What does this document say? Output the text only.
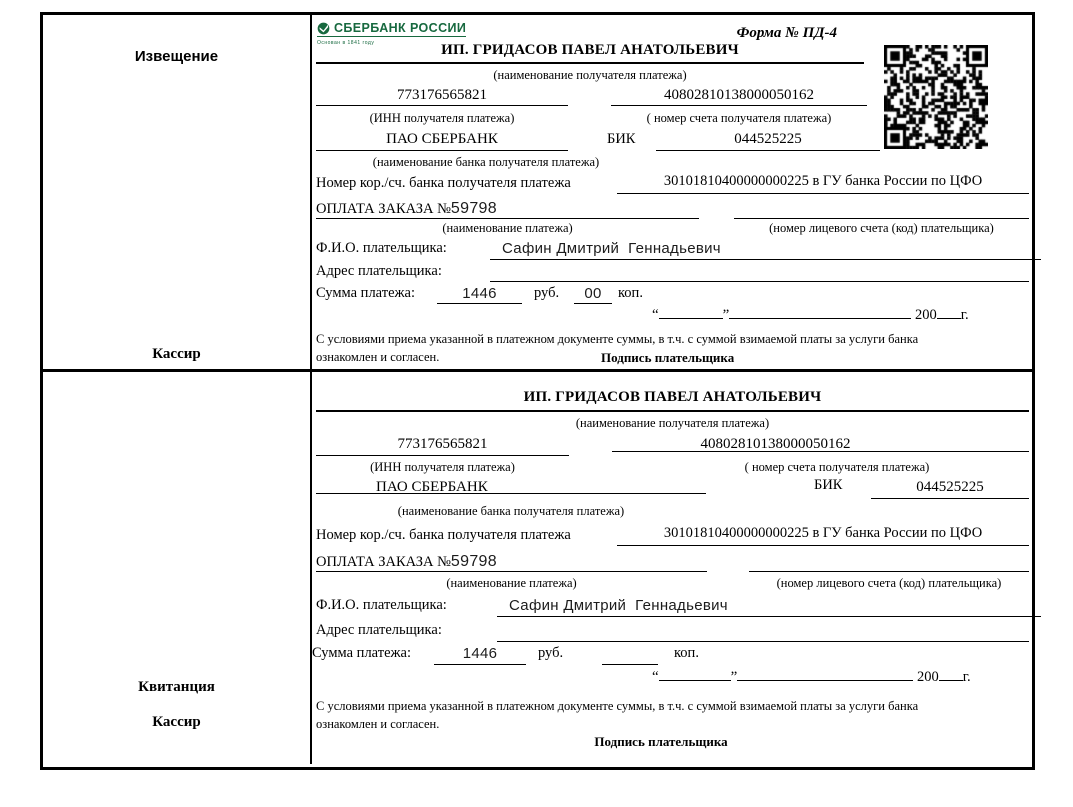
Извещение
Кассир
СБЕРБАНК РОССИИ
Основан в 1841 году
Форма № ПД-4
ИП. ГРИДАСОВ ПАВЕЛ АНАТОЛЬЕВИЧ
(наименование получателя платежа)
773176565821	40802810138000050162
(ИНН получателя платежа)	( номер счета получателя платежа)
ПАО СБЕРБАНК	БИК	044525225
(наименование банка получателя платежа)
Номер кор./сч. банка получателя платежа	30101810400000000225 в ГУ банка России по ЦФО
ОПЛАТА ЗАКАЗА №59798
(наименование платежа)	(номер лицевого счета (код) плательщика)
Ф.И.О. плательщика:	Сафин Дмитрий  Геннадьевич
Адрес плательщика:
Сумма платежа:	1446	руб.	00	коп.
“	”	200 г.
С условиями приема указанной в платежном документе суммы, в т.ч. с суммой взимаемой платы за услуги банка
ознакомлен и согласен.	Подпись плательщика
Квитанция
Кассир
ИП. ГРИДАСОВ ПАВЕЛ АНАТОЛЬЕВИЧ
(наименование получателя платежа)
773176565821	40802810138000050162
(ИНН получателя платежа)	( номер счета получателя платежа)
ПАО СБЕРБАНК	БИК	044525225
(наименование банка получателя платежа)
Номер кор./сч. банка получателя платежа	30101810400000000225 в ГУ банка России по ЦФО
ОПЛАТА ЗАКАЗА №59798
(наименование платежа)	(номер лицевого счета (код) плательщика)
Ф.И.О. плательщика:	Сафин Дмитрий  Геннадьевич
Адрес плательщика:
Сумма платежа:	1446	руб.	коп.
“	”	200 г.
С условиями приема указанной в платежном документе суммы, в т.ч. с суммой взимаемой платы за услуги банка
ознакомлен и согласен.
Подпись плательщика
